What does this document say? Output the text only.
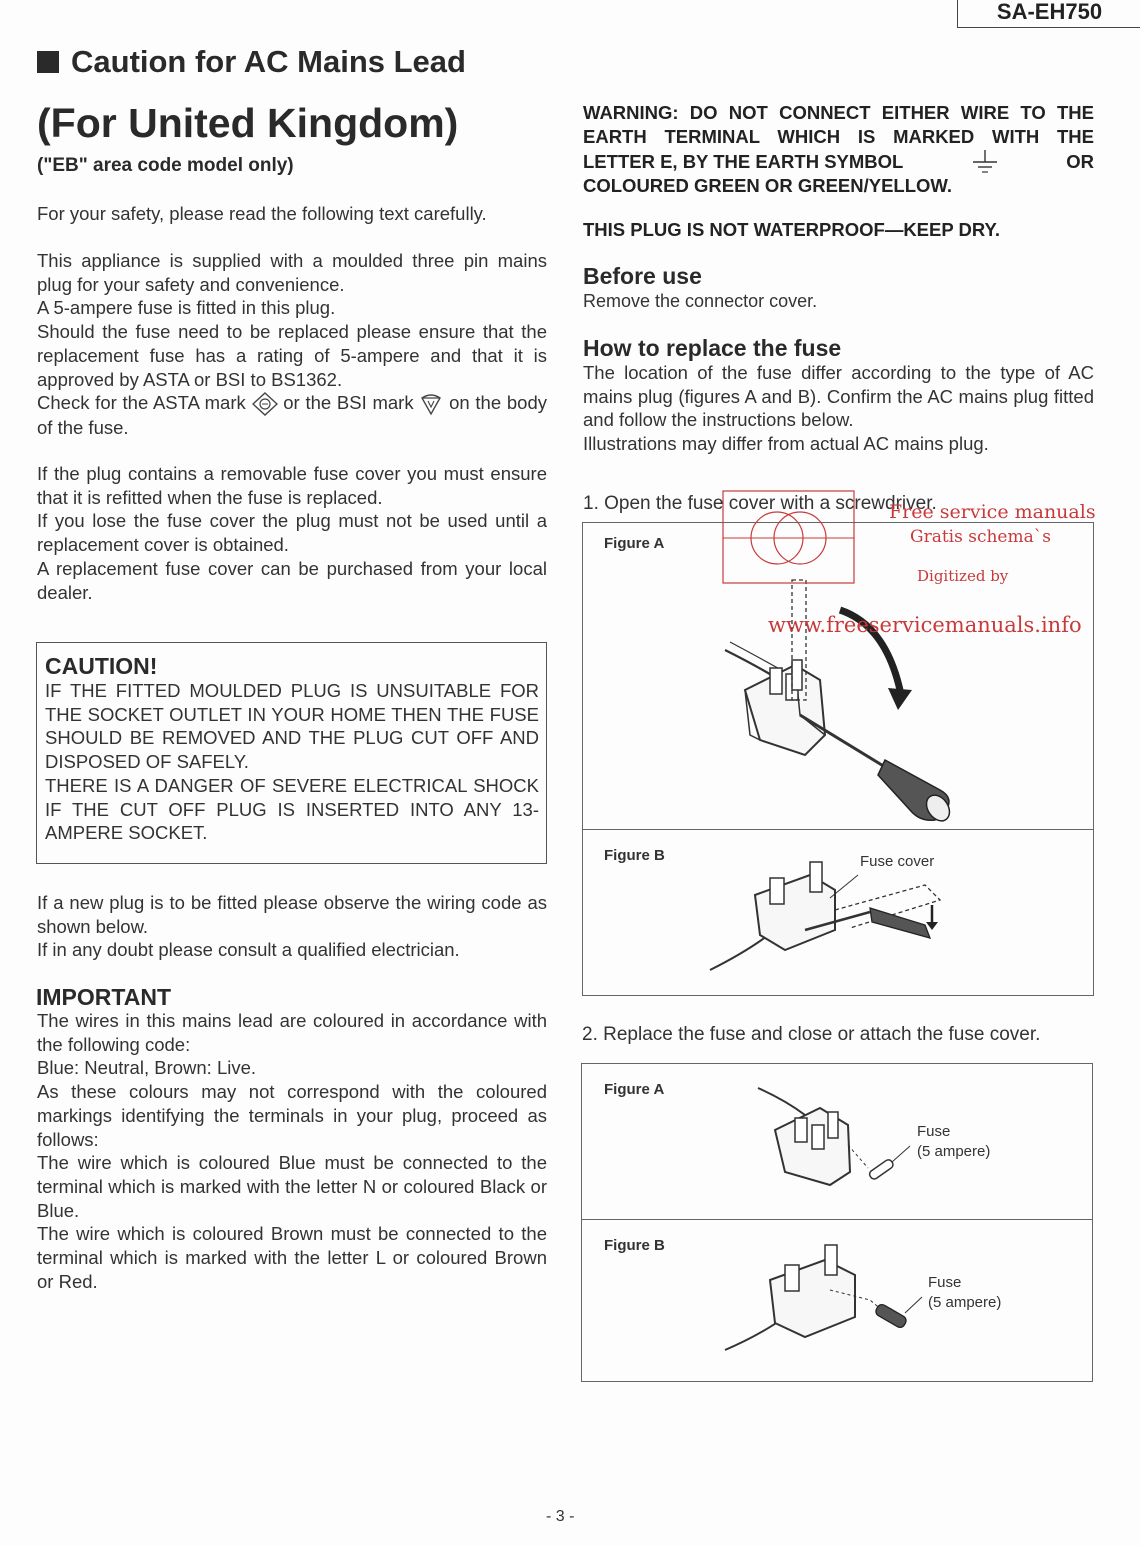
SA-EH750
Caution for AC Mains Lead
(For United Kingdom)
("EB" area code model only)
For your safety, please read the following text carefully.

This appliance is supplied with a moulded three pin mains plug for your safety and convenience.

A 5-ampere fuse is fitted in this plug.

Should the fuse need to be replaced please ensure that the replacement fuse has a rating of 5-ampere and that it is approved by ASTA or BSI to BS1362.

Check for the ASTA mark or the BSI mark on the body of the fuse.

If the plug contains a removable fuse cover you must ensure that it is refitted when the fuse is replaced.

If you lose the fuse cover the plug must not be used until a replacement cover is obtained.

A replacement fuse cover can be purchased from your local dealer.

CAUTION!
IF THE FITTED MOULDED PLUG IS UNSUITABLE FOR THE SOCKET OUTLET IN YOUR HOME THEN THE FUSE SHOULD BE REMOVED AND THE PLUG CUT OFF AND DISPOSED OF SAFELY.
THERE IS A DANGER OF SEVERE ELECTRICAL SHOCK IF THE CUT OFF PLUG IS INSERTED INTO ANY 13-AMPERE SOCKET.

If a new plug is to be fitted please observe the wiring code as shown below.

If in any doubt please consult a qualified electrician.

IMPORTANT

The wires in this mains lead are coloured in accordance with the following code:

Blue: Neutral, Brown: Live.

As these colours may not correspond with the coloured markings identifying the terminals in your plug, proceed as follows:

The wire which is coloured Blue must be connected to the terminal which is marked with the letter N or coloured Black or Blue.

The wire which is coloured Brown must be connected to the terminal which is marked with the letter L or coloured Brown or Red.

WARNING: DO NOT CONNECT EITHER WIRE TO THE
EARTH TERMINAL WHICH IS MARKED WITH THE
LETTER E, BY THE EARTH SYMBOL	OR
COLOURED GREEN OR GREEN/YELLOW.
THIS PLUG IS NOT WATERPROOF—KEEP DRY.
Before use
Remove the connector cover.
How to replace the fuse

The location of the fuse differ according to the type of AC mains plug (figures A and B). Confirm the AC mains plug fitted and follow the instructions below.

Illustrations may differ from actual AC mains plug.

1. Open the fuse cover with a screwdriver.
Figure A
Figure B	Fuse cover
2. Replace the fuse and close or attach the fuse cover.
Figure A
Fuse
(5 ampere)
Figure B
Fuse
(5 ampere)
Free service manuals
Gratis schema`s
Digitized by
www.freeservicemanuals.info
- 3 -
